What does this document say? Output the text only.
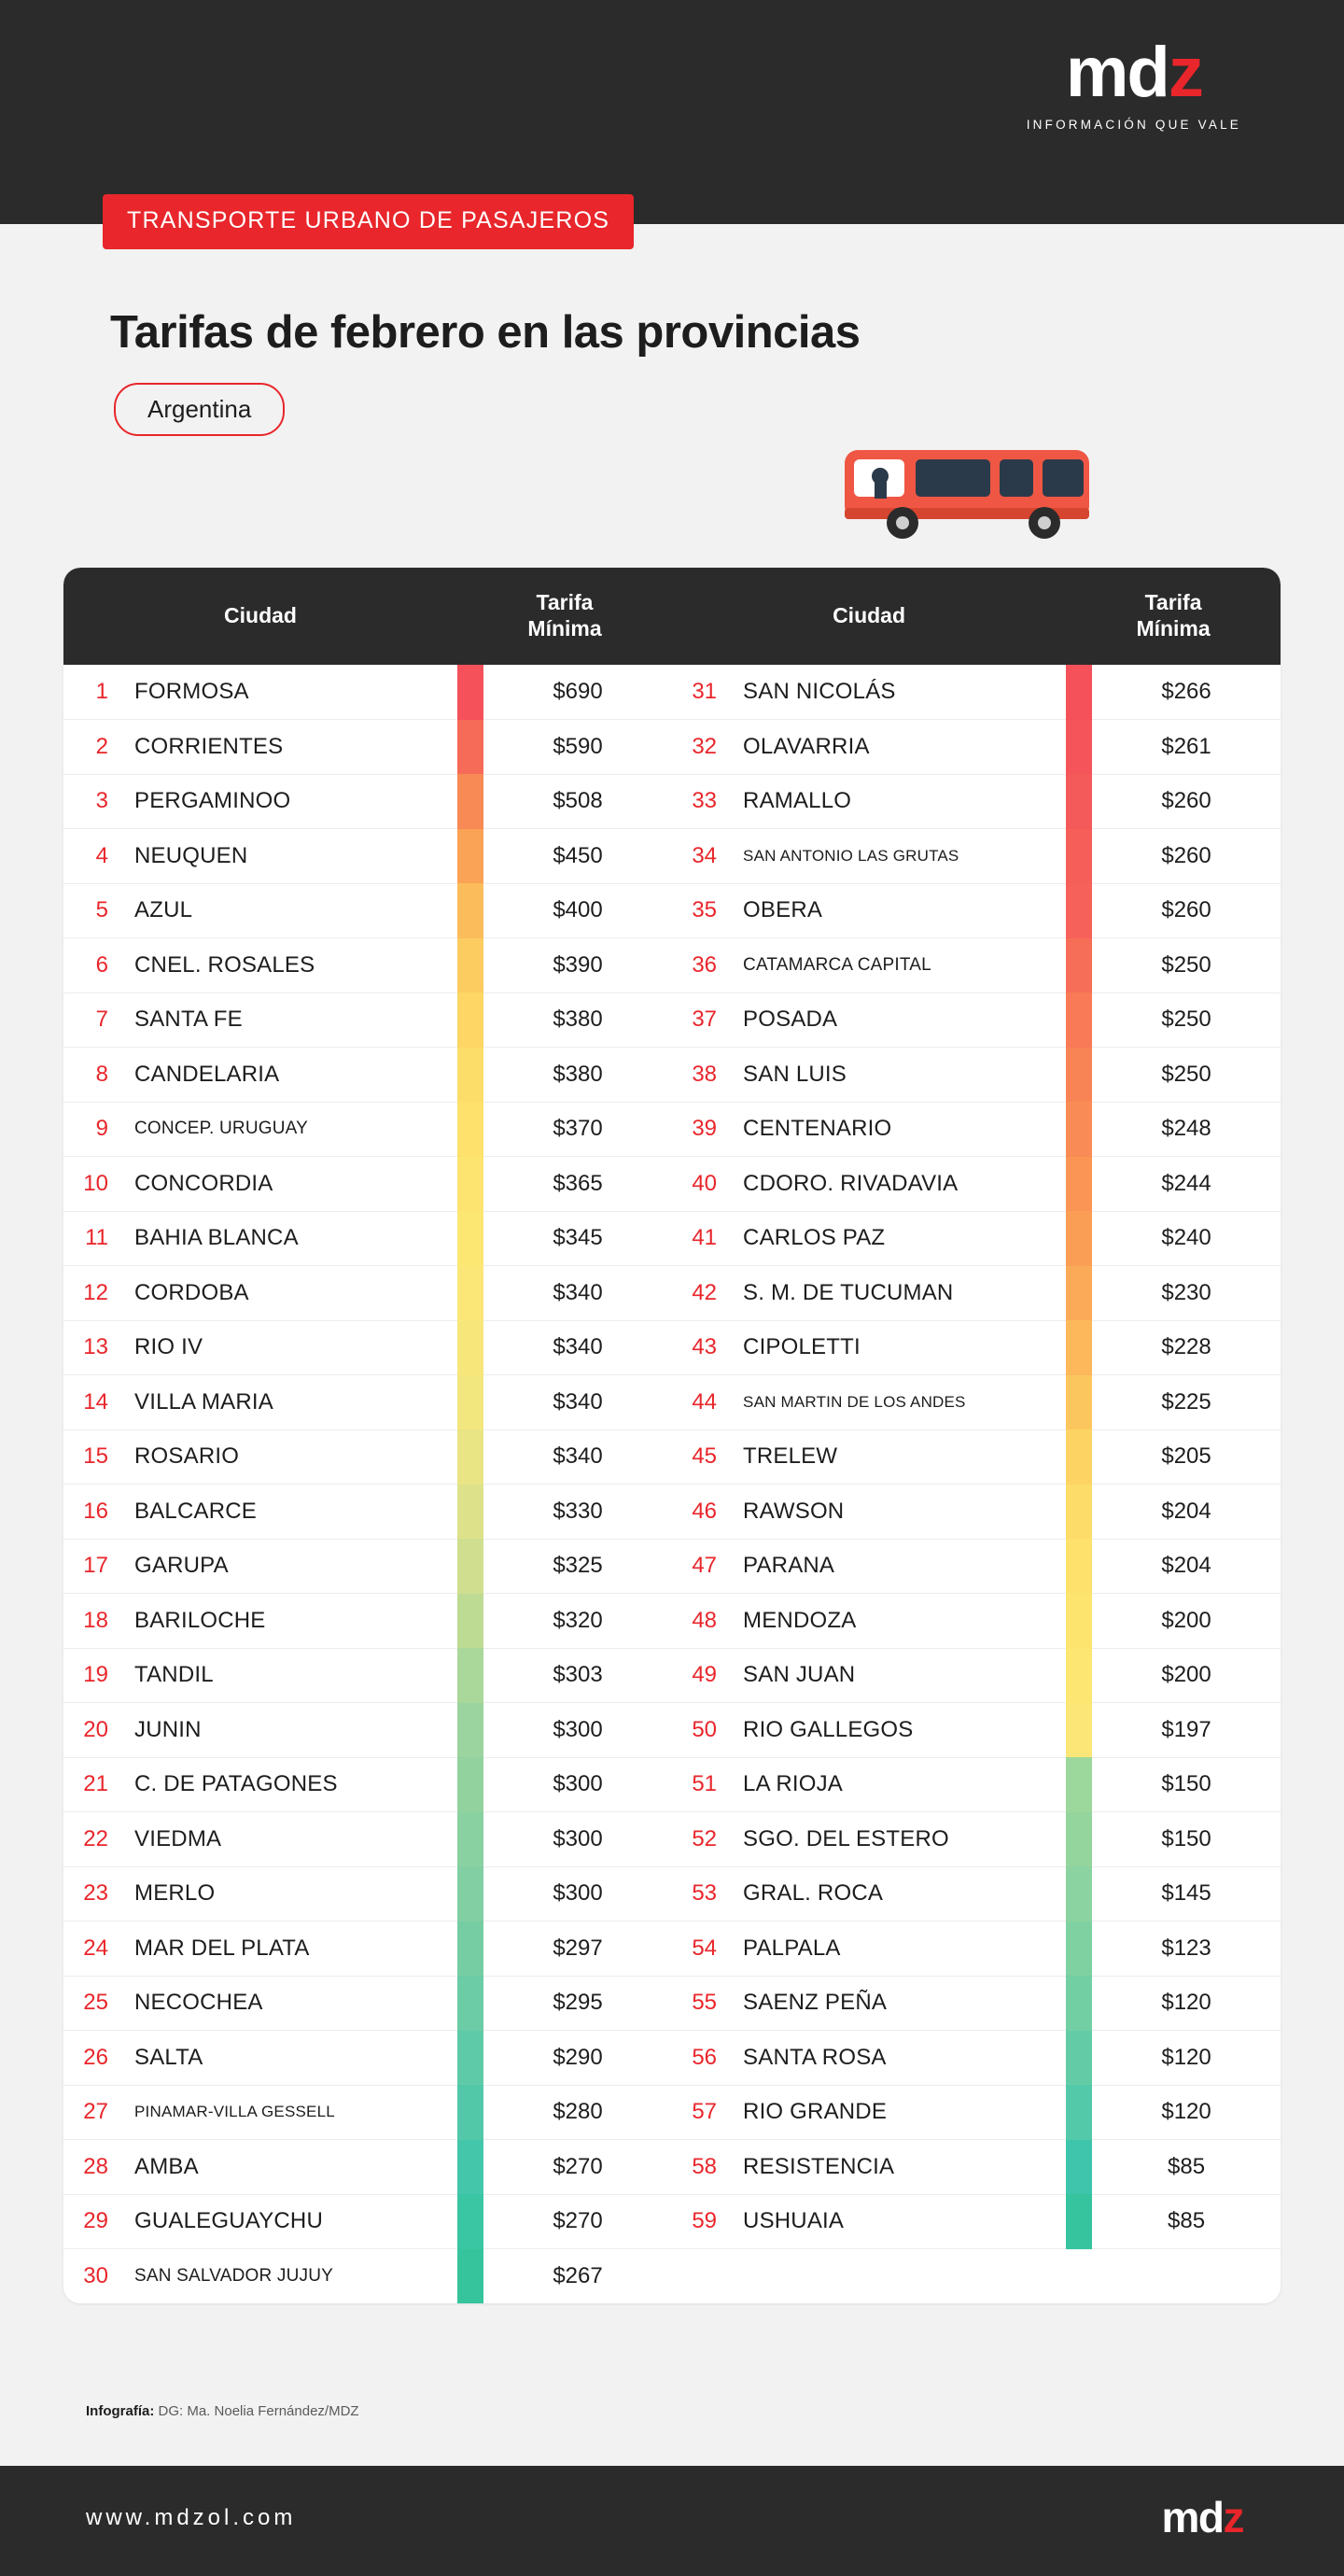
mdz
INFORMACIÓN QUE VALE
TRANSPORTE URBANO DE PASAJEROS
Tarifas de febrero en las provincias
Argentina
Ciudad	
Tarifa
Mínima
	Ciudad	
Tarifa
Mínima

1	FORMOSA		$690	31	SAN NICOLÁS		$266
2	CORRIENTES		$590	32	OLAVARRIA		$261
3	PERGAMINOO		$508	33	RAMALLO		$260
4	NEUQUEN		$450	34	SAN ANTONIO LAS GRUTAS		$260
5	AZUL		$400	35	OBERA		$260
6	CNEL. ROSALES		$390	36	CATAMARCA CAPITAL		$250
7	SANTA FE		$380	37	POSADA		$250
8	CANDELARIA		$380	38	SAN LUIS		$250
9	CONCEP. URUGUAY		$370	39	CENTENARIO		$248
10	CONCORDIA		$365	40	CDORO. RIVADAVIA		$244
11	BAHIA BLANCA		$345	41	CARLOS PAZ		$240
12	CORDOBA		$340	42	S. M. DE TUCUMAN		$230
13	RIO IV		$340	43	CIPOLETTI		$228
14	VILLA MARIA		$340	44	SAN MARTIN DE LOS ANDES		$225
15	ROSARIO		$340	45	TRELEW		$205
16	BALCARCE		$330	46	RAWSON		$204
17	GARUPA		$325	47	PARANA		$204
18	BARILOCHE		$320	48	MENDOZA		$200
19	TANDIL		$303	49	SAN JUAN		$200
20	JUNIN		$300	50	RIO GALLEGOS		$197
21	C. DE PATAGONES		$300	51	LA RIOJA		$150
22	VIEDMA		$300	52	SGO. DEL ESTERO		$150
23	MERLO		$300	53	GRAL. ROCA		$145
24	MAR DEL PLATA		$297	54	PALPALA		$123
25	NECOCHEA		$295	55	SAENZ PEÑA		$120
26	SALTA		$290	56	SANTA ROSA		$120
27	PINAMAR-VILLA GESSELL		$280	57	RIO GRANDE		$120
28	AMBA		$270	58	RESISTENCIA		$85
29	GUALEGUAYCHU		$270	59	USHUAIA		$85
30	SAN SALVADOR JUJUY		$267				
Infografía: DG: Ma. Noelia Fernández/MDZ
www.mdzol.com	mdz
